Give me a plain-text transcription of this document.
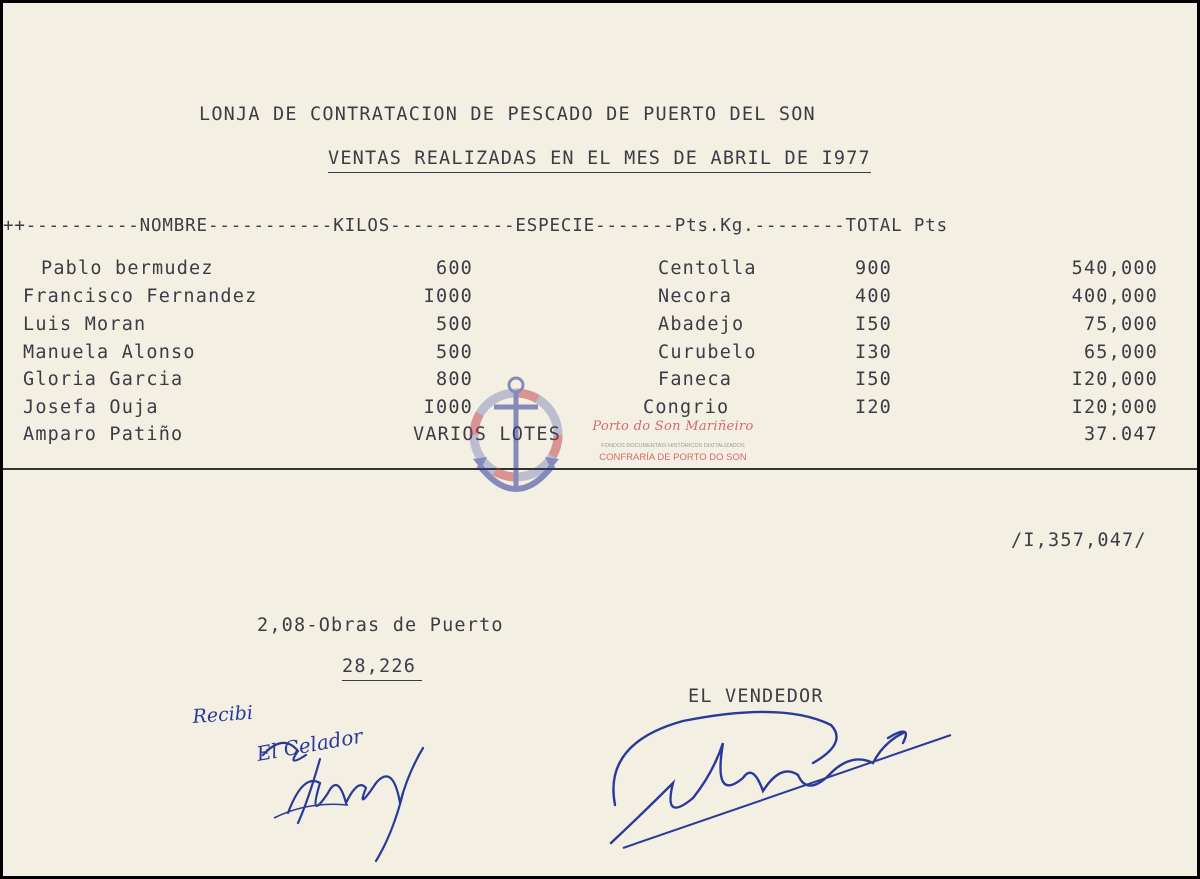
LONJA DE CONTRATACION DE PESCADO DE PUERTO DEL SON
VENTAS REALIZADAS EN EL MES DE ABRIL DE I977
++----------NOMBRE-----------KILOS-----------ESPECIE-------Pts.Kg.--------TOTAL Pts
Pablo bermudez	600	Centolla	900	540,000
Francisco Fernandez	I000	Necora	400	400,000
Luis Moran	500	Abadejo	I50	75,000
Manuela Alonso	500	Curubelo	I30	65,000
Gloria Garcia	800	Faneca	I50	I20,000
Josefa Ouja	I000	Congrio	I20	I20;000
Amparo Patiño	VARIOS LOTES	37.047
Porto do Son Mariñeiro
FONDOS DOCUMENTAIS HISTÓRICOS DIXITALIZADOS
CONFRARÍA DE PORTO DO SON
/I,357,047/
2,08-Obras de Puerto
28,226
EL VENDEDOR
Recibi
El Celador
